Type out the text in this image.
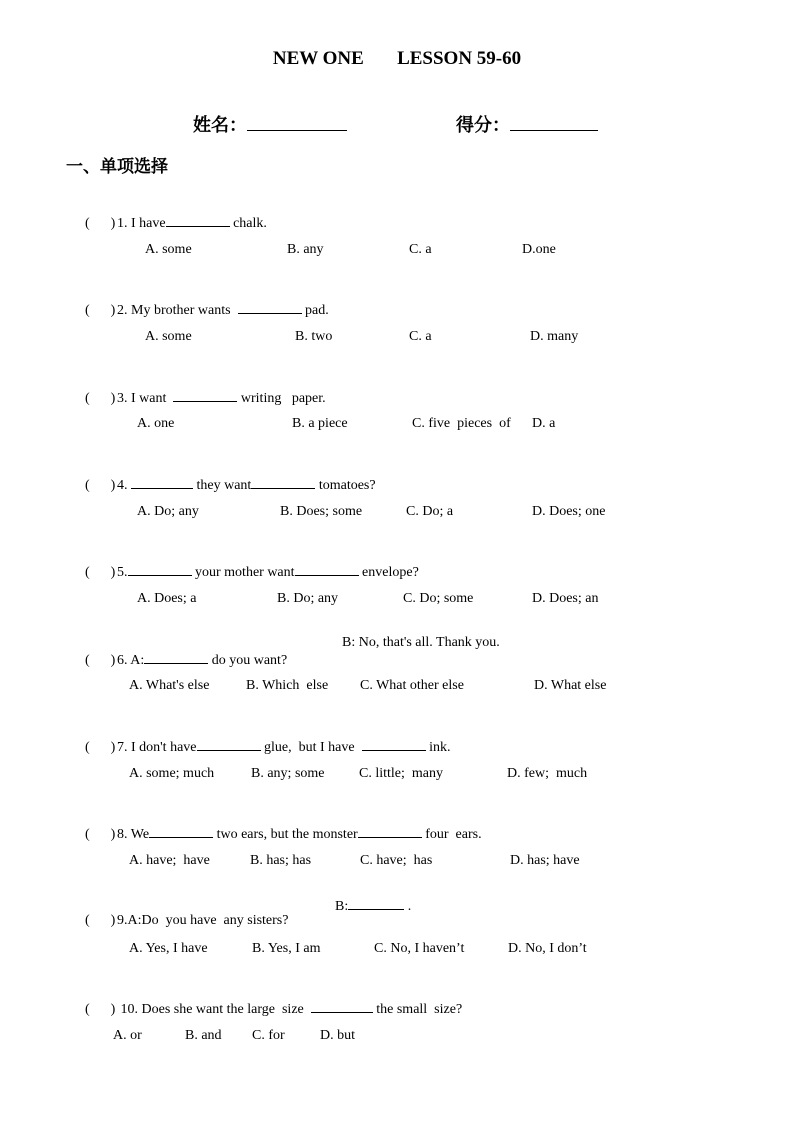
NEW ONE LESSON 59-60
姓名：	得分：
一、单项选择

(      ) 1. I have	chalk.

A. some	B. any	C. a	D.one

(      ) 2. My brother wants	pad.

A. some	B. two	C. a	D. many

(      ) 3. I want	writing   paper.

A. one	B. a piece	C. five  pieces  of D. a

(      ) 4.	they want	tomatoes?

A. Do; any	B. Does; some	C. Do; a	D. Does; one

(      ) 5.	your mother want	envelope?

A. Does; a	B. Do; any	C. Do; some	D. Does; an

(      ) 6. A:	do you want?

B: No, that's all. Thank you.
A. What's else	B. Which  else C. What other else	D. What else

(      ) 7. I don't have	glue,  but I have	ink.

A. some; much	B. any; some C. little;  many	D. few;  much

(      ) 8. We	two ears, but the monster	four  ears.

A. have;  have	B. has; has	C. have;  has	D. has; have

(      ) 9.A:Do  you have  any sisters?

B:	.
A. Yes, I have	B. Yes, I am	C. No, I haven’t	D. No, I don’t

(      ) 10. Does she want the large  size	the small  size?

A. or	B. and C. for	D. but
